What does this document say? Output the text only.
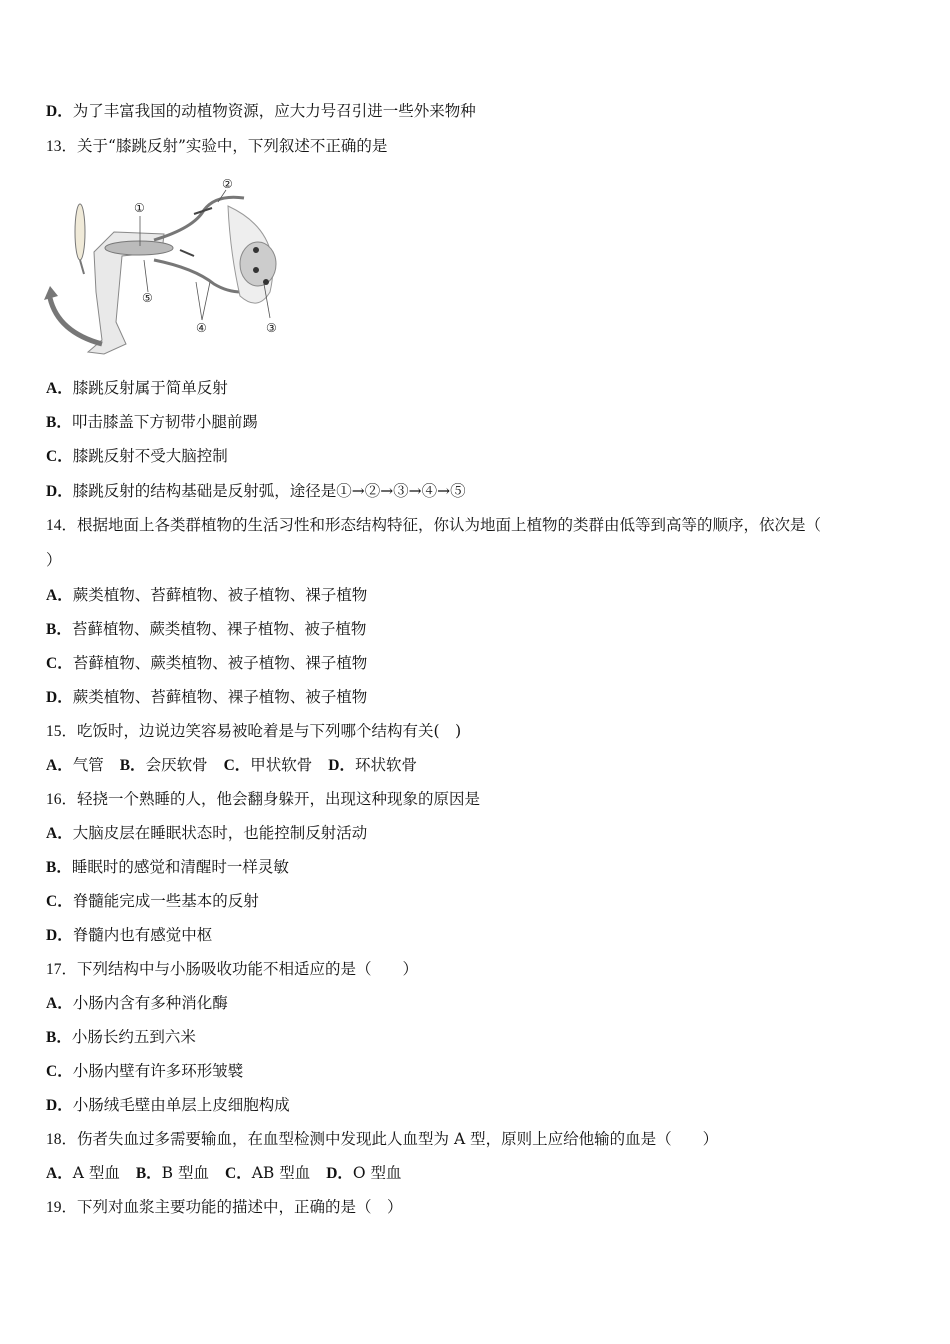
D．为了丰富我国的动植物资源，应大力号召引进一些外来物种
13．关于“膝跳反射”实验中，下列叙述不正确的是
①
②
③
④
⑤
A．膝跳反射属于简单反射
B．叩击膝盖下方韧带小腿前踢
C．膝跳反射不受大脑控制
D．膝跳反射的结构基础是反射弧，途径是①→②→③→④→⑤
14．根据地面上各类群植物的生活习性和形态结构特征，你认为地面上植物的类群由低等到高等的顺序，依次是（
）
A．蕨类植物、苔藓植物、被子植物、裸子植物
B．苔藓植物、蕨类植物、裸子植物、被子植物
C．苔藓植物、蕨类植物、被子植物、裸子植物
D．蕨类植物、苔藓植物、裸子植物、被子植物
15．吃饭时，边说边笑容易被呛着是与下列哪个结构有关(　)
A．气管 B．会厌软骨 C．甲状软骨 D．环状软骨
16．轻挠一个熟睡的人，他会翻身躲开，出现这种现象的原因是
A．大脑皮层在睡眠状态时，也能控制反射活动
B．睡眠时的感觉和清醒时一样灵敏
C．脊髓能完成一些基本的反射
D．脊髓内也有感觉中枢
17．下列结构中与小肠吸收功能不相适应的是（　　）
A．小肠内含有多种消化酶
B．小肠长约五到六米
C．小肠内壁有许多环形皱襞
D．小肠绒毛壁由单层上皮细胞构成
18．伤者失血过多需要输血，在血型检测中发现此人血型为 A 型，原则上应给他输的血是（　　）
A．A 型血 B．B 型血 C．AB 型血 D．O 型血
19．下列对血浆主要功能的描述中，正确的是（　）
